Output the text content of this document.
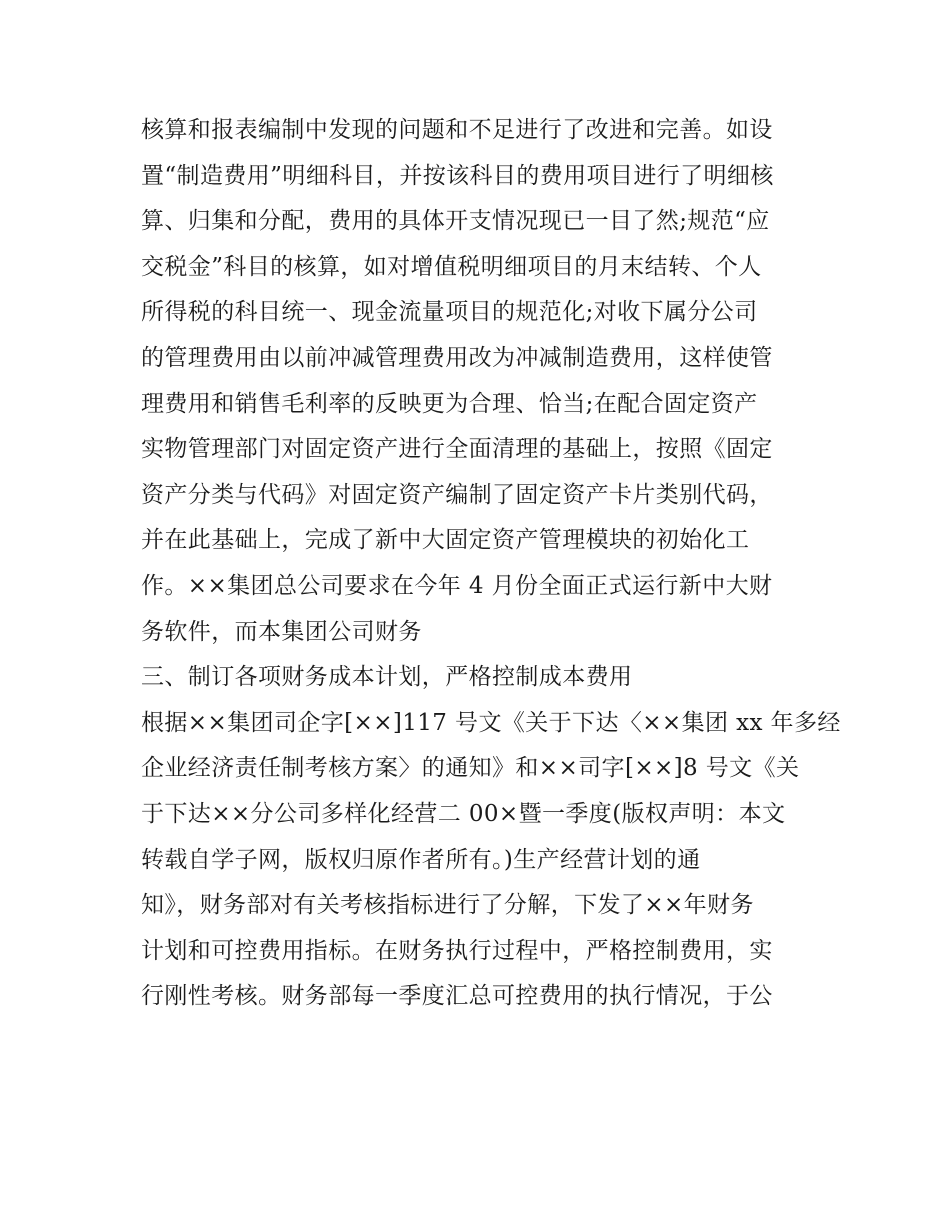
核算和报表编制中发现的问题和不足进行了改进和完善。如设
置“制造费用”明细科目，并按该科目的费用项目进行了明细核
算、归集和分配，费用的具体开支情况现已一目了然;规范“应
交税金”科目的核算，如对增值税明细项目的月末结转、个人
所得税的科目统一、现金流量项目的规范化;对收下属分公司
的管理费用由以前冲减管理费用改为冲减制造费用，这样使管
理费用和销售毛利率的反映更为合理、恰当;在配合固定资产
实物管理部门对固定资产进行全面清理的基础上，按照《固定
资产分类与代码》对固定资产编制了固定资产卡片类别代码，
并在此基础上，完成了新中大固定资产管理模块的初始化工
作。××集团总公司要求在今年 4 月份全面正式运行新中大财
务软件，而本集团公司财务
三、制订各项财务成本计划，严格控制成本费用
根据××集团司企字[××]117 号文《关于下达〈××集团 xx 年多经
企业经济责任制考核方案〉的通知》和××司字[××]8 号文《关
于下达××分公司多样化经营二 00×暨一季度(版权声明：本文
转载自学子网，版权归原作者所有。)生产经营计划的通
知》，财务部对有关考核指标进行了分解，下发了××年财务
计划和可控费用指标。在财务执行过程中，严格控制费用，实
行刚性考核。财务部每一季度汇总可控费用的执行情况，于公
